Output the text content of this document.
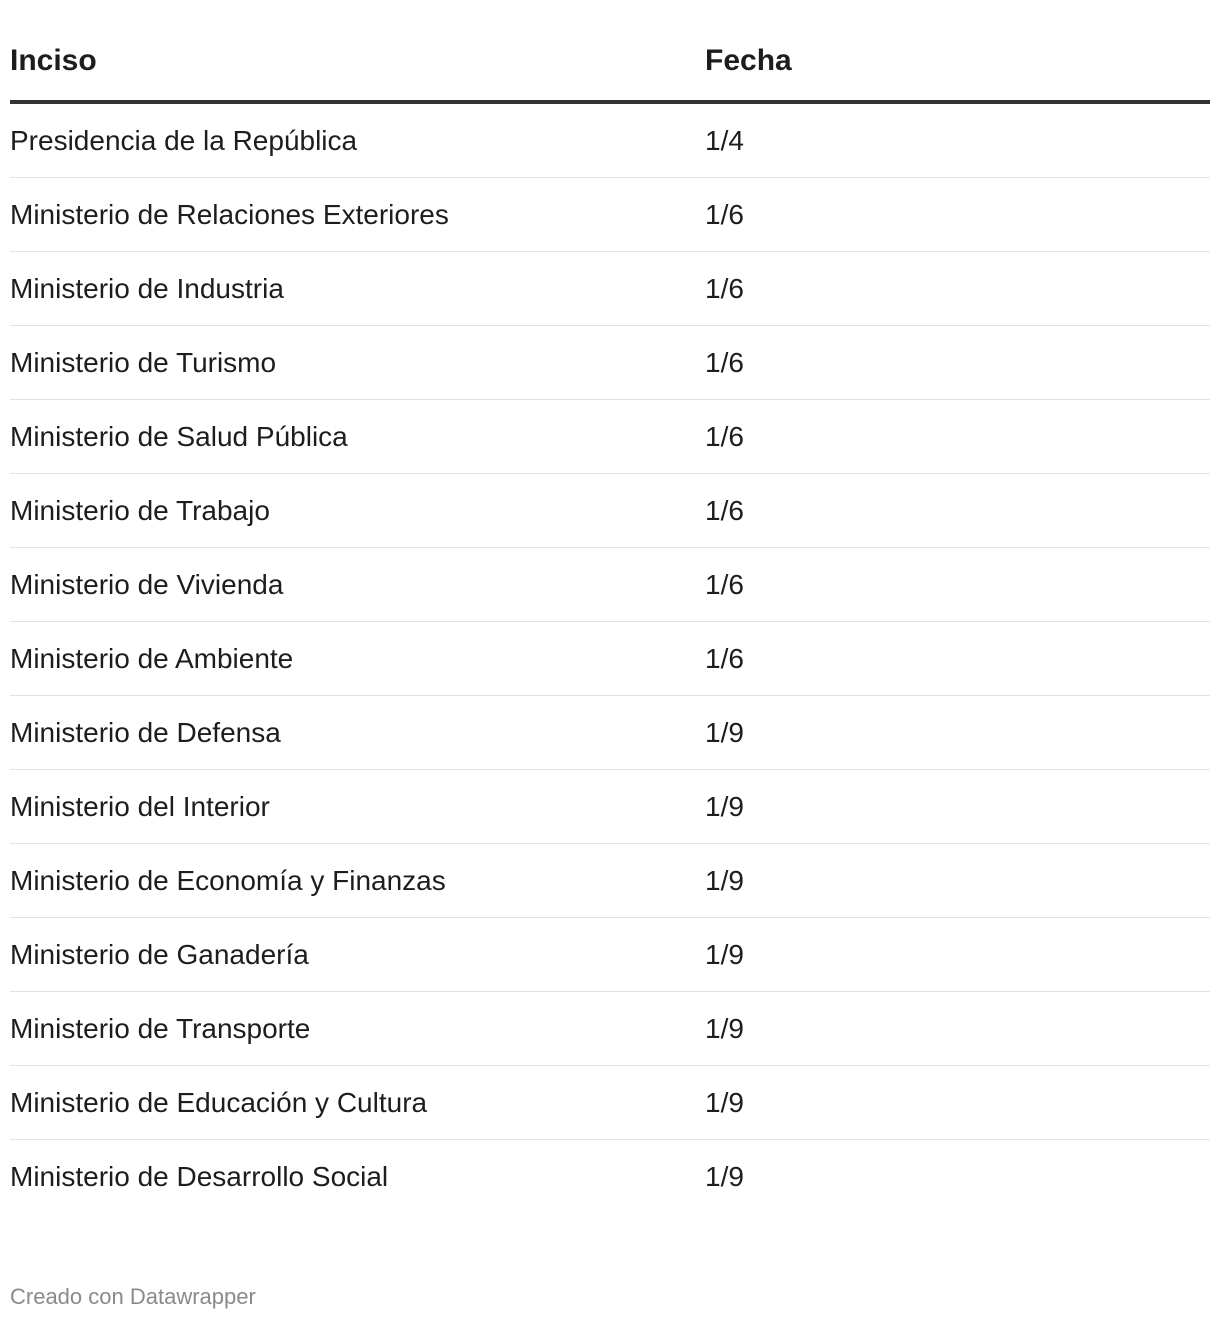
Inciso	Fecha
Presidencia de la República	1/4
Ministerio de Relaciones Exteriores	1/6
Ministerio de Industria	1/6
Ministerio de Turismo	1/6
Ministerio de Salud Pública	1/6
Ministerio de Trabajo	1/6
Ministerio de Vivienda	1/6
Ministerio de Ambiente	1/6
Ministerio de Defensa	1/9
Ministerio del Interior	1/9
Ministerio de Economía y Finanzas	1/9
Ministerio de Ganadería	1/9
Ministerio de Transporte	1/9
Ministerio de Educación y Cultura	1/9
Ministerio de Desarrollo Social	1/9
Creado con Datawrapper
